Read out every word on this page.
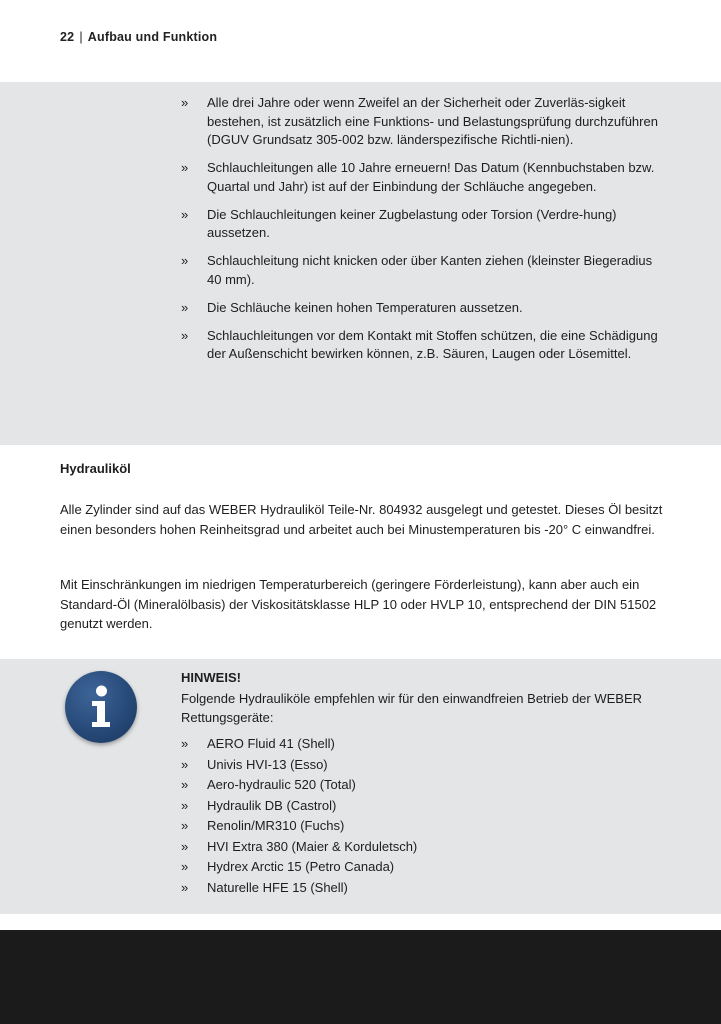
22 | Aufbau und Funktion
» Alle drei Jahre oder wenn Zweifel an der Sicherheit oder Zuverläs-sigkeit bestehen, ist zusätzlich eine Funktions- und Belastungsprüfung durchzuführen (DGUV Grundsatz 305-002 bzw. länderspezifische Richtli-nien).
» Schlauchleitungen alle 10 Jahre erneuern! Das Datum (Kennbuchstaben bzw. Quartal und Jahr) ist auf der Einbindung der Schläuche angegeben.
» Die Schlauchleitungen keiner Zugbelastung oder Torsion (Verdre-hung) aussetzen.
» Schlauchleitung nicht knicken oder über Kanten ziehen (kleinster Biegeradius 40 mm).
» Die Schläuche keinen hohen Temperaturen aussetzen.
» Schlauchleitungen vor dem Kontakt mit Stoffen schützen, die eine Schädigung der Außenschicht bewirken können, z.B. Säuren, Laugen oder Lösemittel.
Hydrauliköl

Alle Zylinder sind auf das WEBER Hydrauliköl Teile-Nr. 804932 ausgelegt und getestet. Dieses Öl besitzt einen besonders hohen Reinheitsgrad und arbeitet auch bei Minustemperaturen bis -20° C einwandfrei.

Mit Einschränkungen im niedrigen Temperaturbereich (geringere Förderleistung), kann aber auch ein Standard-Öl (Mineralölbasis) der Viskositätsklasse HLP 10 oder HVLP 10, entsprechend der DIN 51502 genutzt werden.

HINWEIS!
Folgende Hydrauliköle empfehlen wir für den einwandfreien Betrieb der WEBER Rettungsgeräte:
» AERO Fluid 41 (Shell)
» Univis HVI-13 (Esso)
» Aero-hydraulic 520 (Total)
» Hydraulik DB (Castrol)
» Renolin/MR310 (Fuchs)
» HVI Extra 380 (Maier & Korduletsch)
» Hydrex Arctic 15 (Petro Canada)
» Naturelle HFE 15 (Shell)
